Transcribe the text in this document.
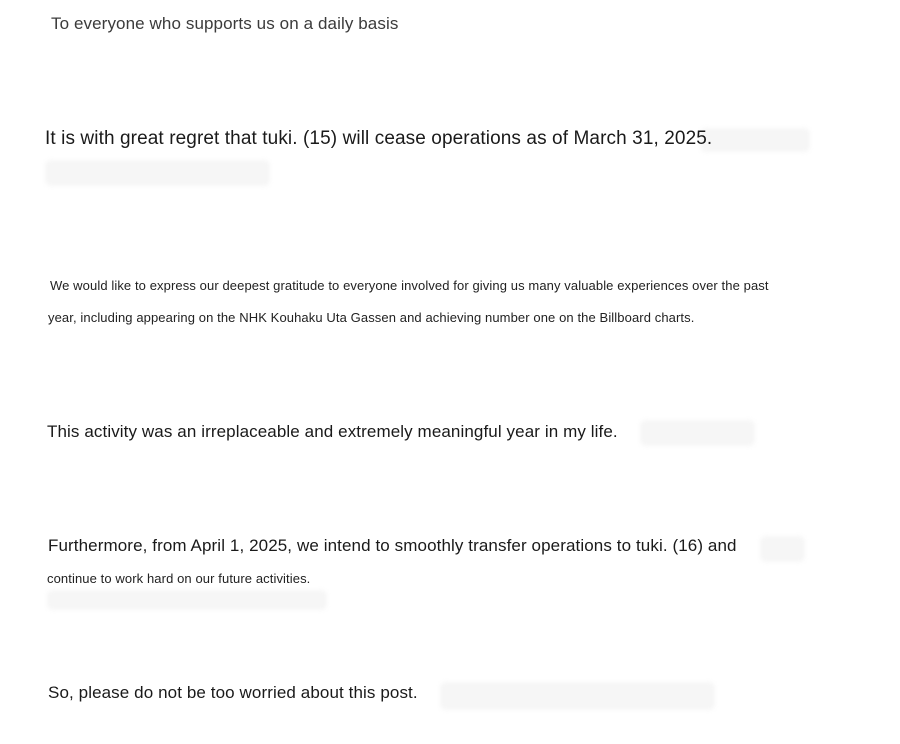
To everyone who supports us on a daily basis
It is with great regret that tuki. (15) will cease operations as of March 31, 2025.
We would like to express our deepest gratitude to everyone involved for giving us many valuable experiences over the past
year, including appearing on the NHK Kouhaku Uta Gassen and achieving number one on the Billboard charts.
This activity was an irreplaceable and extremely meaningful year in my life.
Furthermore, from April 1, 2025, we intend to smoothly transfer operations to tuki. (16) and
continue to work hard on our future activities.
So, please do not be too worried about this post.
